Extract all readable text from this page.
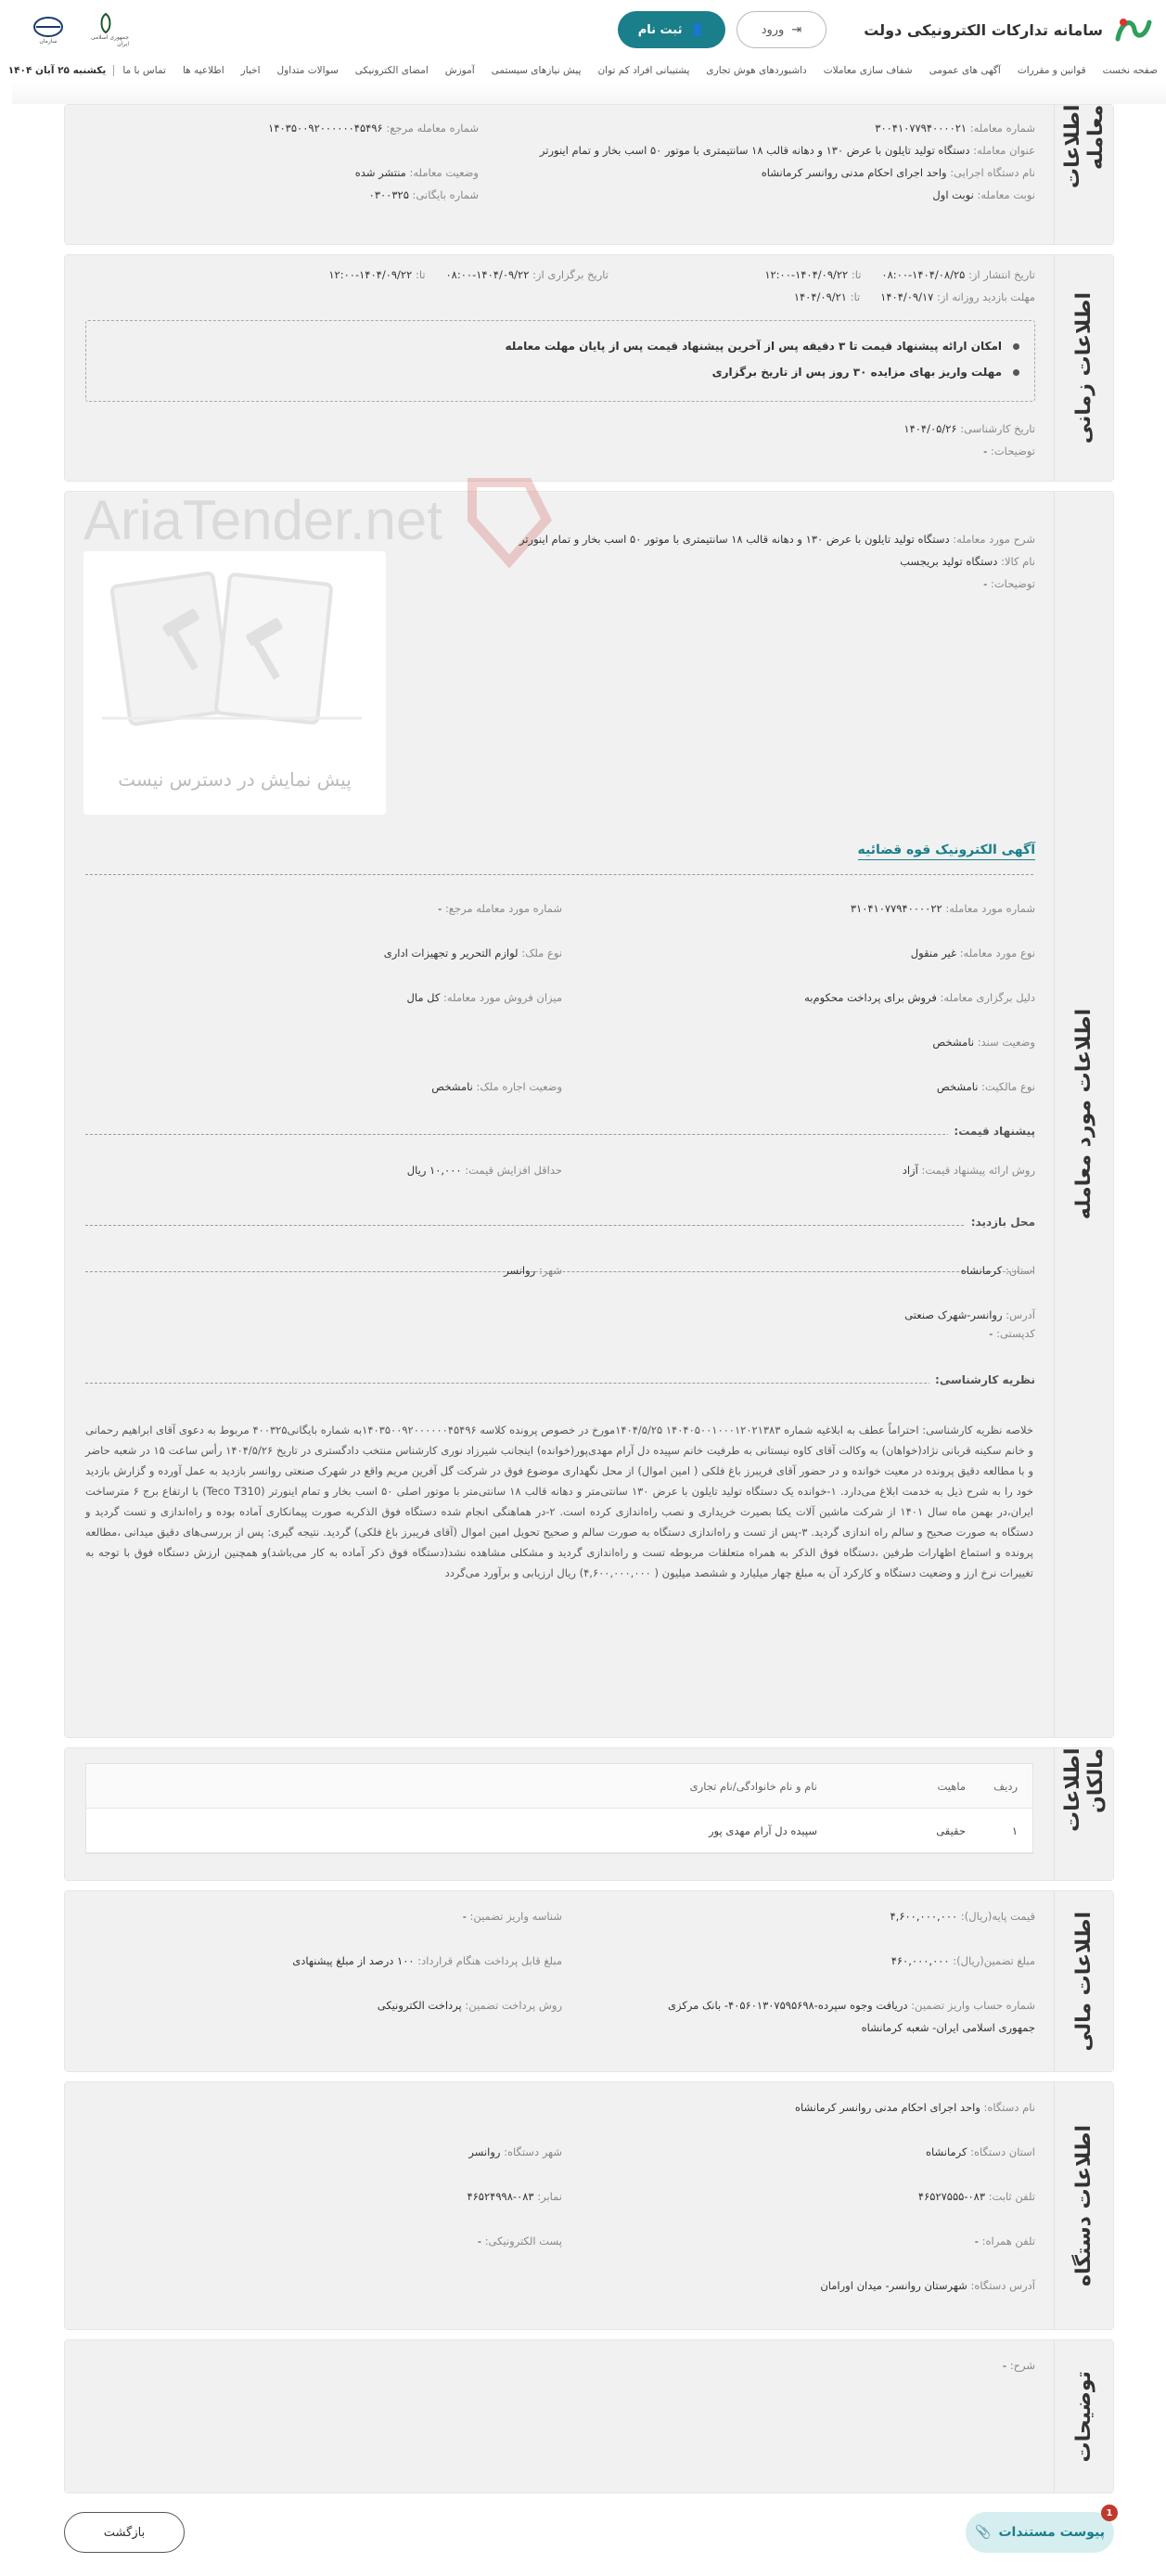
سامانه تدارکات الکترونیکی دولت
⇥
ورود
👤
ثبت نام
جمهوری اسلامی ایران
سازمان
صفحه نخست
قوانین و مقررات
آگهی های عمومی
شفاف سازی معاملات
داشبوردهای هوش تجاری
پشتیبانی افراد کم توان
پیش نیازهای سیستمی
آموزش
امضای الکترونیکی
سوالات متداول
اخبار
اطلاعیه ها
تماس با ما
یکشنبه ۲۵ آبان ۱۴۰۴
اطلاعات معامله
شماره معامله: ۳۰۰۴۱۰۷۷۹۴۰۰۰۰۲۱
شماره معامله مرجع: ۱۴۰۳۵۰۰۹۲۰۰۰۰۰۰۴۵۴۹۶
عنوان معامله: دستگاه تولید تایلون با عرض ۱۳۰ و دهانه قالب ۱۸ سانتیمتری با موتور ۵۰ اسب بخار و تمام اینورتر
نام دستگاه اجرایی: واحد اجرای احکام مدنی روانسر کرمانشاه
وضعیت معامله: منتشر شده
نوبت معامله: نوبت اول
شماره بایگانی: ۰۳۰۰۳۲۵
اطلاعات زمانی
تاریخ انتشار از: ۱۴۰۴/۰۸/۲۵-۰۸:۰۰      تا: ۱۴۰۴/۰۹/۲۲-۱۲:۰۰
تاریخ برگزاری از: ۱۴۰۴/۰۹/۲۲-۰۸:۰۰      تا: ۱۴۰۴/۰۹/۲۲-۱۲:۰۰
مهلت بازدید روزانه از: ۱۴۰۴/۰۹/۱۷      تا: ۱۴۰۴/۰۹/۲۱
امکان ارائه پیشنهاد قیمت تا ۳ دقیقه پس از آخرین پیشنهاد قیمت پس از پایان مهلت معامله
مهلت واریز بهای مزایده ۳۰ روز پس از تاریخ برگزاری
تاریخ کارشناسی: ۱۴۰۴/۰۵/۲۶
توضیحات: -
اطلاعات مورد معامله
AriaTender.net	شرح مورد معامله: دستگاه تولید تایلون با عرض ۱۳۰ و دهانه قالب ۱۸ سانتیمتری با موتور ۵۰ اسب بخار و تمام اینورتر
نام کالا: دستگاه تولید بریجسب
توضیحات: -
پیش نمایش در دسترس نیست
آگهی الکترونیک قوه قضائیه
شماره مورد معامله: ۳۱۰۴۱۰۷۷۹۴۰۰۰۰۲۲
شماره مورد معامله مرجع: -
نوع مورد معامله: غیر منقول
نوع ملک: لوازم التحریر و تجهیزات اداری
دلیل برگزاری معامله: فروش برای پرداخت محکوم‌به
میزان فروش مورد معامله: کل مال
وضعیت سند: نامشخص
نوع مالکیت: نامشخص
وضعیت اجاره ملک: نامشخص
پیشنهاد قیمت:
روش ارائه پیشنهاد قیمت: آزاد
حداقل افزایش قیمت: ۱۰,۰۰۰ ریال
محل بازدید:
استان: کرمانشاه
شهر: روانسر
آدرس: روانسر-شهرک صنعتی
کدپستی: -
نظریه کارشناسی:
خلاصه نظریه کارشناسی: احتراماً عطف به ابلاغیه شماره ۱۴۰۴۰۵۰۰۱۰۰۰۱۲۰۲۱۳۸۳ ۱۴۰۴/۵/۲۵مورخ در خصوص پرونده کلاسه ۱۴۰۳۵۰۰۹۲۰۰۰۰۰۰۴۵۴۹۶به شماره بایگانی۴۰۰۳۲۵ مربوط به دعوی آقای ابراهیم رحمانی و خانم سکینه قربانی نژاد(خواهان) به وکالت آقای کاوه نیستانی به طرفیت خانم سپیده دل آرام مهدی‌پور(خوانده) اینجانب شیرزاد نوری کارشناس منتخب دادگستری در تاریخ ۱۴۰۴/۵/۲۶ رأس ساعت ۱۵ در شعبه حاضر و با مطالعه دقیق پرونده در معیت خوانده و در حضور آقای فریبرز باغ فلکی ( امین اموال) از محل نگهداری موضوع فوق در شرکت گل آفرین مریم واقع در شهرک صنعتی روانسر بازدید به عمل آورده و گزارش بازدید خود را به شرح ذیل به خدمت ابلاغ می‌دارد. ۱-خوانده یک دستگاه تولید تایلون با عرض ۱۳۰ سانتی‌متر و دهانه قالب ۱۸ سانتی‌متر با موتور اصلی ۵۰ اسب بخار و تمام اینورتر (Teco T310) با ارتفاع برج ۶ مترساخت ایران،در بهمن ماه سال ۱۴۰۱ از شرکت ماشین آلات یکتا بصیرت خریداری و نصب راه‌اندازی کرده است. ۲-در هماهنگی انجام شده دستگاه فوق الذکربه صورت پیمانکاری آماده بوده و راه‌اندازی و تست گردید و دستگاه به صورت صحیح و سالم راه اندازی گردید. ۳-پس از تست و راه‌اندازی دستگاه به صورت سالم و صحیح تحویل امین اموال (آقای فریبرز باغ فلکی) گردید. نتیجه گیری: پس از بررسی‌های دقیق میدانی ،مطالعه پرونده و استماع اظهارات طرفین ،دستگاه فوق الذکر به همراه متعلقات مربوطه تست و راه‌اندازی گردید و مشکلی مشاهده نشد(دستگاه فوق ذکر آماده به کار می‌باشد)و همچنین ارزش دستگاه فوق با توجه به تغییرات نرخ ارز و وضعیت دستگاه و کارکرد آن به مبلغ چهار میلیارد و ششصد میلیون ( ۴,۶۰۰,۰۰۰,۰۰۰) ریال ارزیابی و برآورد می‌گردد
اطلاعات مالکان
ردیف
ماهیت
نام و نام خانوادگی/نام تجاری
۱
حقیقی
سپیده دل آرام مهدی پور
اطلاعات مالی
قیمت پایه(ریال): ۴,۶۰۰,۰۰۰,۰۰۰
شناسه واریز تضمین: -
مبلغ تضمین(ریال): ۴۶۰,۰۰۰,۰۰۰
مبلغ قابل پرداخت هنگام قرارداد: ۱۰۰ درصد از مبلغ پیشنهادی
شماره حساب واریز تضمین: دریافت وجوه سپرده-۴۰۵۶۰۱۳۰۷۵۹۵۶۹۸- بانک مرکزی
جمهوری اسلامی ایران- شعبه کرمانشاه
روش پرداخت تضمین: پرداخت الکترونیکی
اطلاعات دستگاه
نام دستگاه: واحد اجرای احکام مدنی روانسر کرمانشاه
استان دستگاه: کرمانشاه
شهر دستگاه: روانسر
تلفن ثابت: ۰۸۳-۴۶۵۲۷۵۵۵
نمابر: ۰۸۳-۴۶۵۲۴۹۹۸
تلفن همراه: -
پست الکترونیکی: -
آدرس دستگاه: شهرستان روانسر- میدان اورامان
توضیحات
شرح: -
1
پیوست مستندات
📎
بازگشت
